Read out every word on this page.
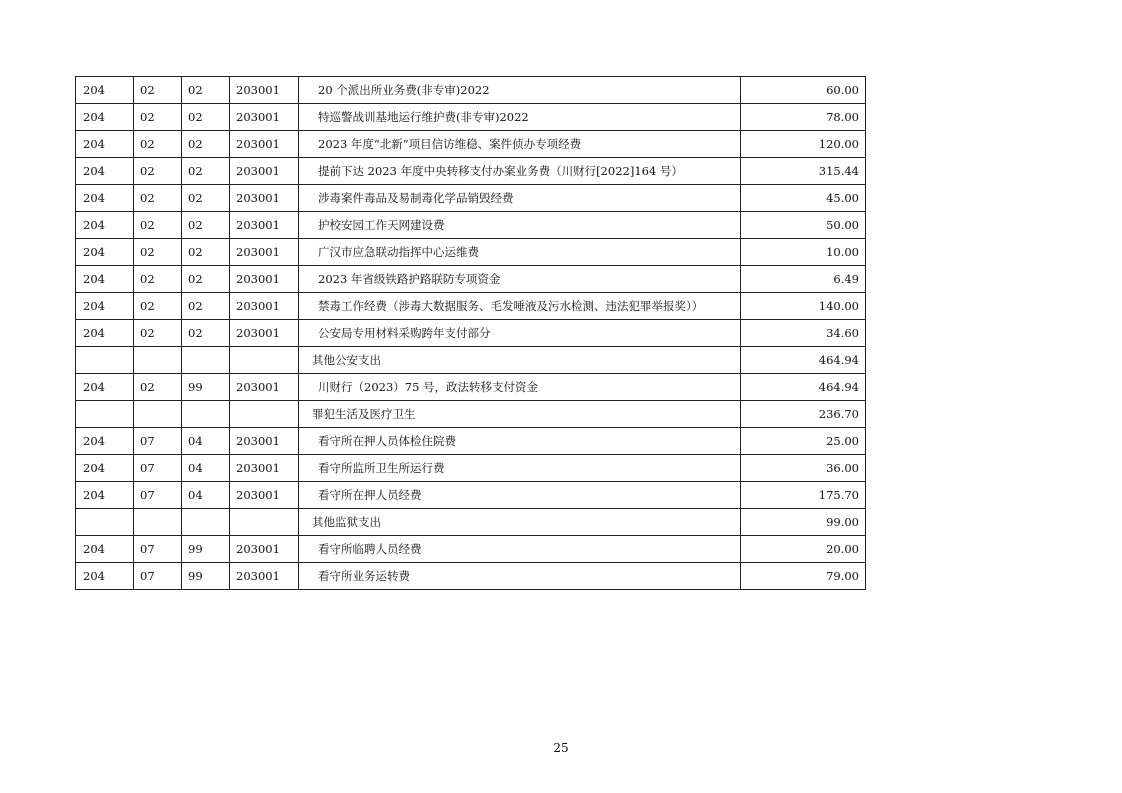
204	02	02	203001	20 个派出所业务费(非专审)2022	60.00
204	02	02	203001	特巡警战训基地运行维护费(非专审)2022	78.00
204	02	02	203001	2023 年度“北新”项目信访维稳、案件侦办专项经费	120.00
204	02	02	203001	提前下达 2023 年度中央转移支付办案业务费（川财行[2022]164 号）	315.44
204	02	02	203001	涉毒案件毒品及易制毒化学品销毁经费	45.00
204	02	02	203001	护校安园工作天网建设费	50.00
204	02	02	203001	广汉市应急联动指挥中心运维费	10.00
204	02	02	203001	2023 年省级铁路护路联防专项资金	6.49
204	02	02	203001	禁毒工作经费（涉毒大数据服务、毛发唾液及污水检测、违法犯罪举报奖））	140.00
204	02	02	203001	公安局专用材料采购跨年支付部分	34.60

				其他公安支出	464.94
204	02	99	203001	川财行（2023）75 号，政法转移支付资金	464.94

				罪犯生活及医疗卫生	236.70
204	07	04	203001	看守所在押人员体检住院费	25.00
204	07	04	203001	看守所监所卫生所运行费	36.00
204	07	04	203001	看守所在押人员经费	175.70

				其他监狱支出	99.00
204	07	99	203001	看守所临聘人员经费	20.00
204	07	99	203001	看守所业务运转费	79.00
25
